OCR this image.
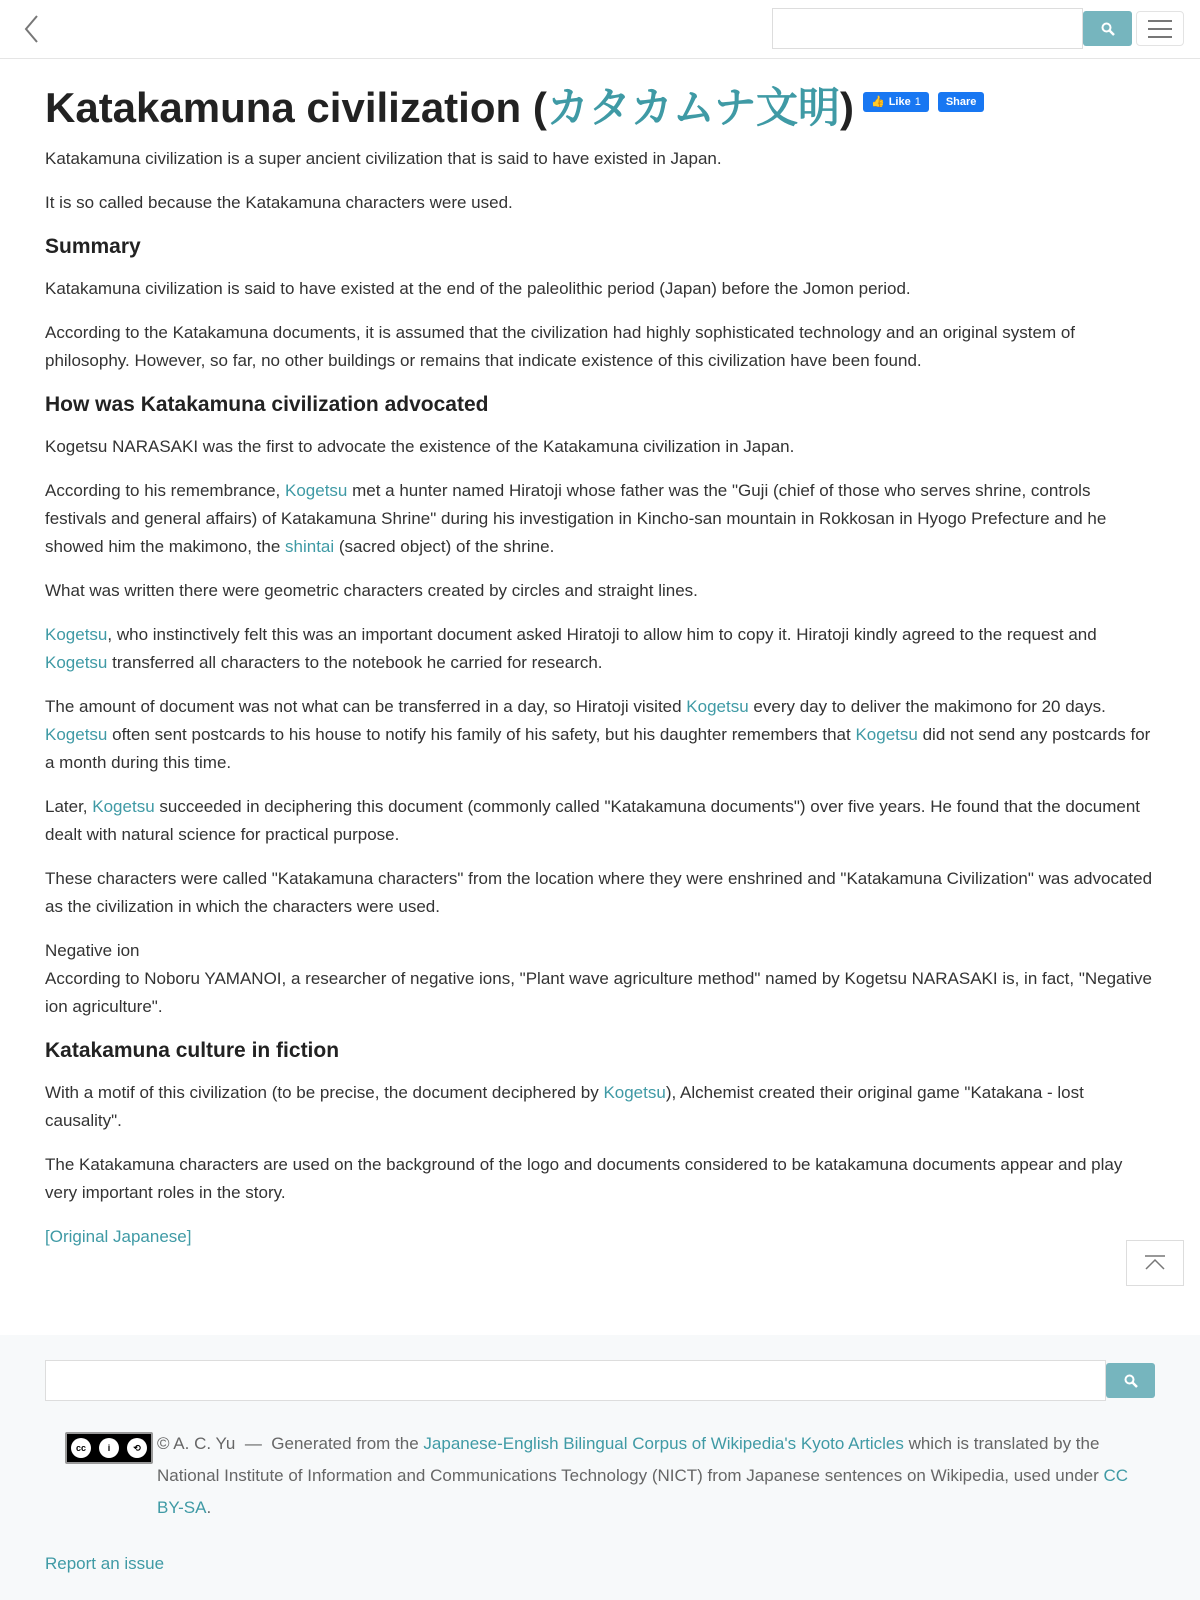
Katakamuna civilization ( カタカムナ文明 ) 👍 Like 1	Share

Katakamuna civilization is a super ancient civilization that is said to have existed in Japan.

It is so called because the Katakamuna characters were used.

Summary

Katakamuna civilization is said to have existed at the end of the paleolithic period (Japan) before the Jomon period.

According to the Katakamuna documents, it is assumed that the civilization had highly sophisticated technology and an original system of philosophy. However, so far, no other buildings or remains that indicate existence of this civilization have been found.

How was Katakamuna civilization advocated

Kogetsu NARASAKI was the first to advocate the existence of the Katakamuna civilization in Japan.

According to his remembrance, Kogetsu met a hunter named Hiratoji whose father was the "Guji (chief of those who serves shrine, controls festivals and general affairs) of Katakamuna Shrine" during his investigation in Kincho-san mountain in Rokkosan in Hyogo Prefecture and he showed him the makimono, the shintai (sacred object) of the shrine.

What was written there were geometric characters created by circles and straight lines.

Kogetsu, who instinctively felt this was an important document asked Hiratoji to allow him to copy it. Hiratoji kindly agreed to the request and Kogetsu transferred all characters to the notebook he carried for research.

The amount of document was not what can be transferred in a day, so Hiratoji visited Kogetsu every day to deliver the makimono for 20 days. Kogetsu often sent postcards to his house to notify his family of his safety, but his daughter remembers that Kogetsu did not send any postcards for a month during this time.

Later, Kogetsu succeeded in deciphering this document (commonly called "Katakamuna documents") over five years. He found that the document dealt with natural science for practical purpose.

These characters were called "Katakamuna characters" from the location where they were enshrined and "Katakamuna Civilization" was advocated as the civilization in which the characters were used.

Negative ion
According to Noboru YAMANOI, a researcher of negative ions, "Plant wave agriculture method" named by Kogetsu NARASAKI is, in fact, "Negative ion agriculture".

Katakamuna culture in fiction

With a motif of this civilization (to be precise, the document deciphered by Kogetsu), Alchemist created their original game "Katakana - lost causality".

The Katakamuna characters are used on the background of the logo and documents considered to be katakamuna documents appear and play very important roles in the story.

[Original Japanese]

cc	i	⟲ © A. C. Yu  —  Generated from the Japanese-English Bilingual Corpus of Wikipedia's Kyoto Articles which is translated by the National Institute of Information and Communications Technology (NICT) from Japanese sentences on Wikipedia, used under CC BY-SA.
Report an issue
